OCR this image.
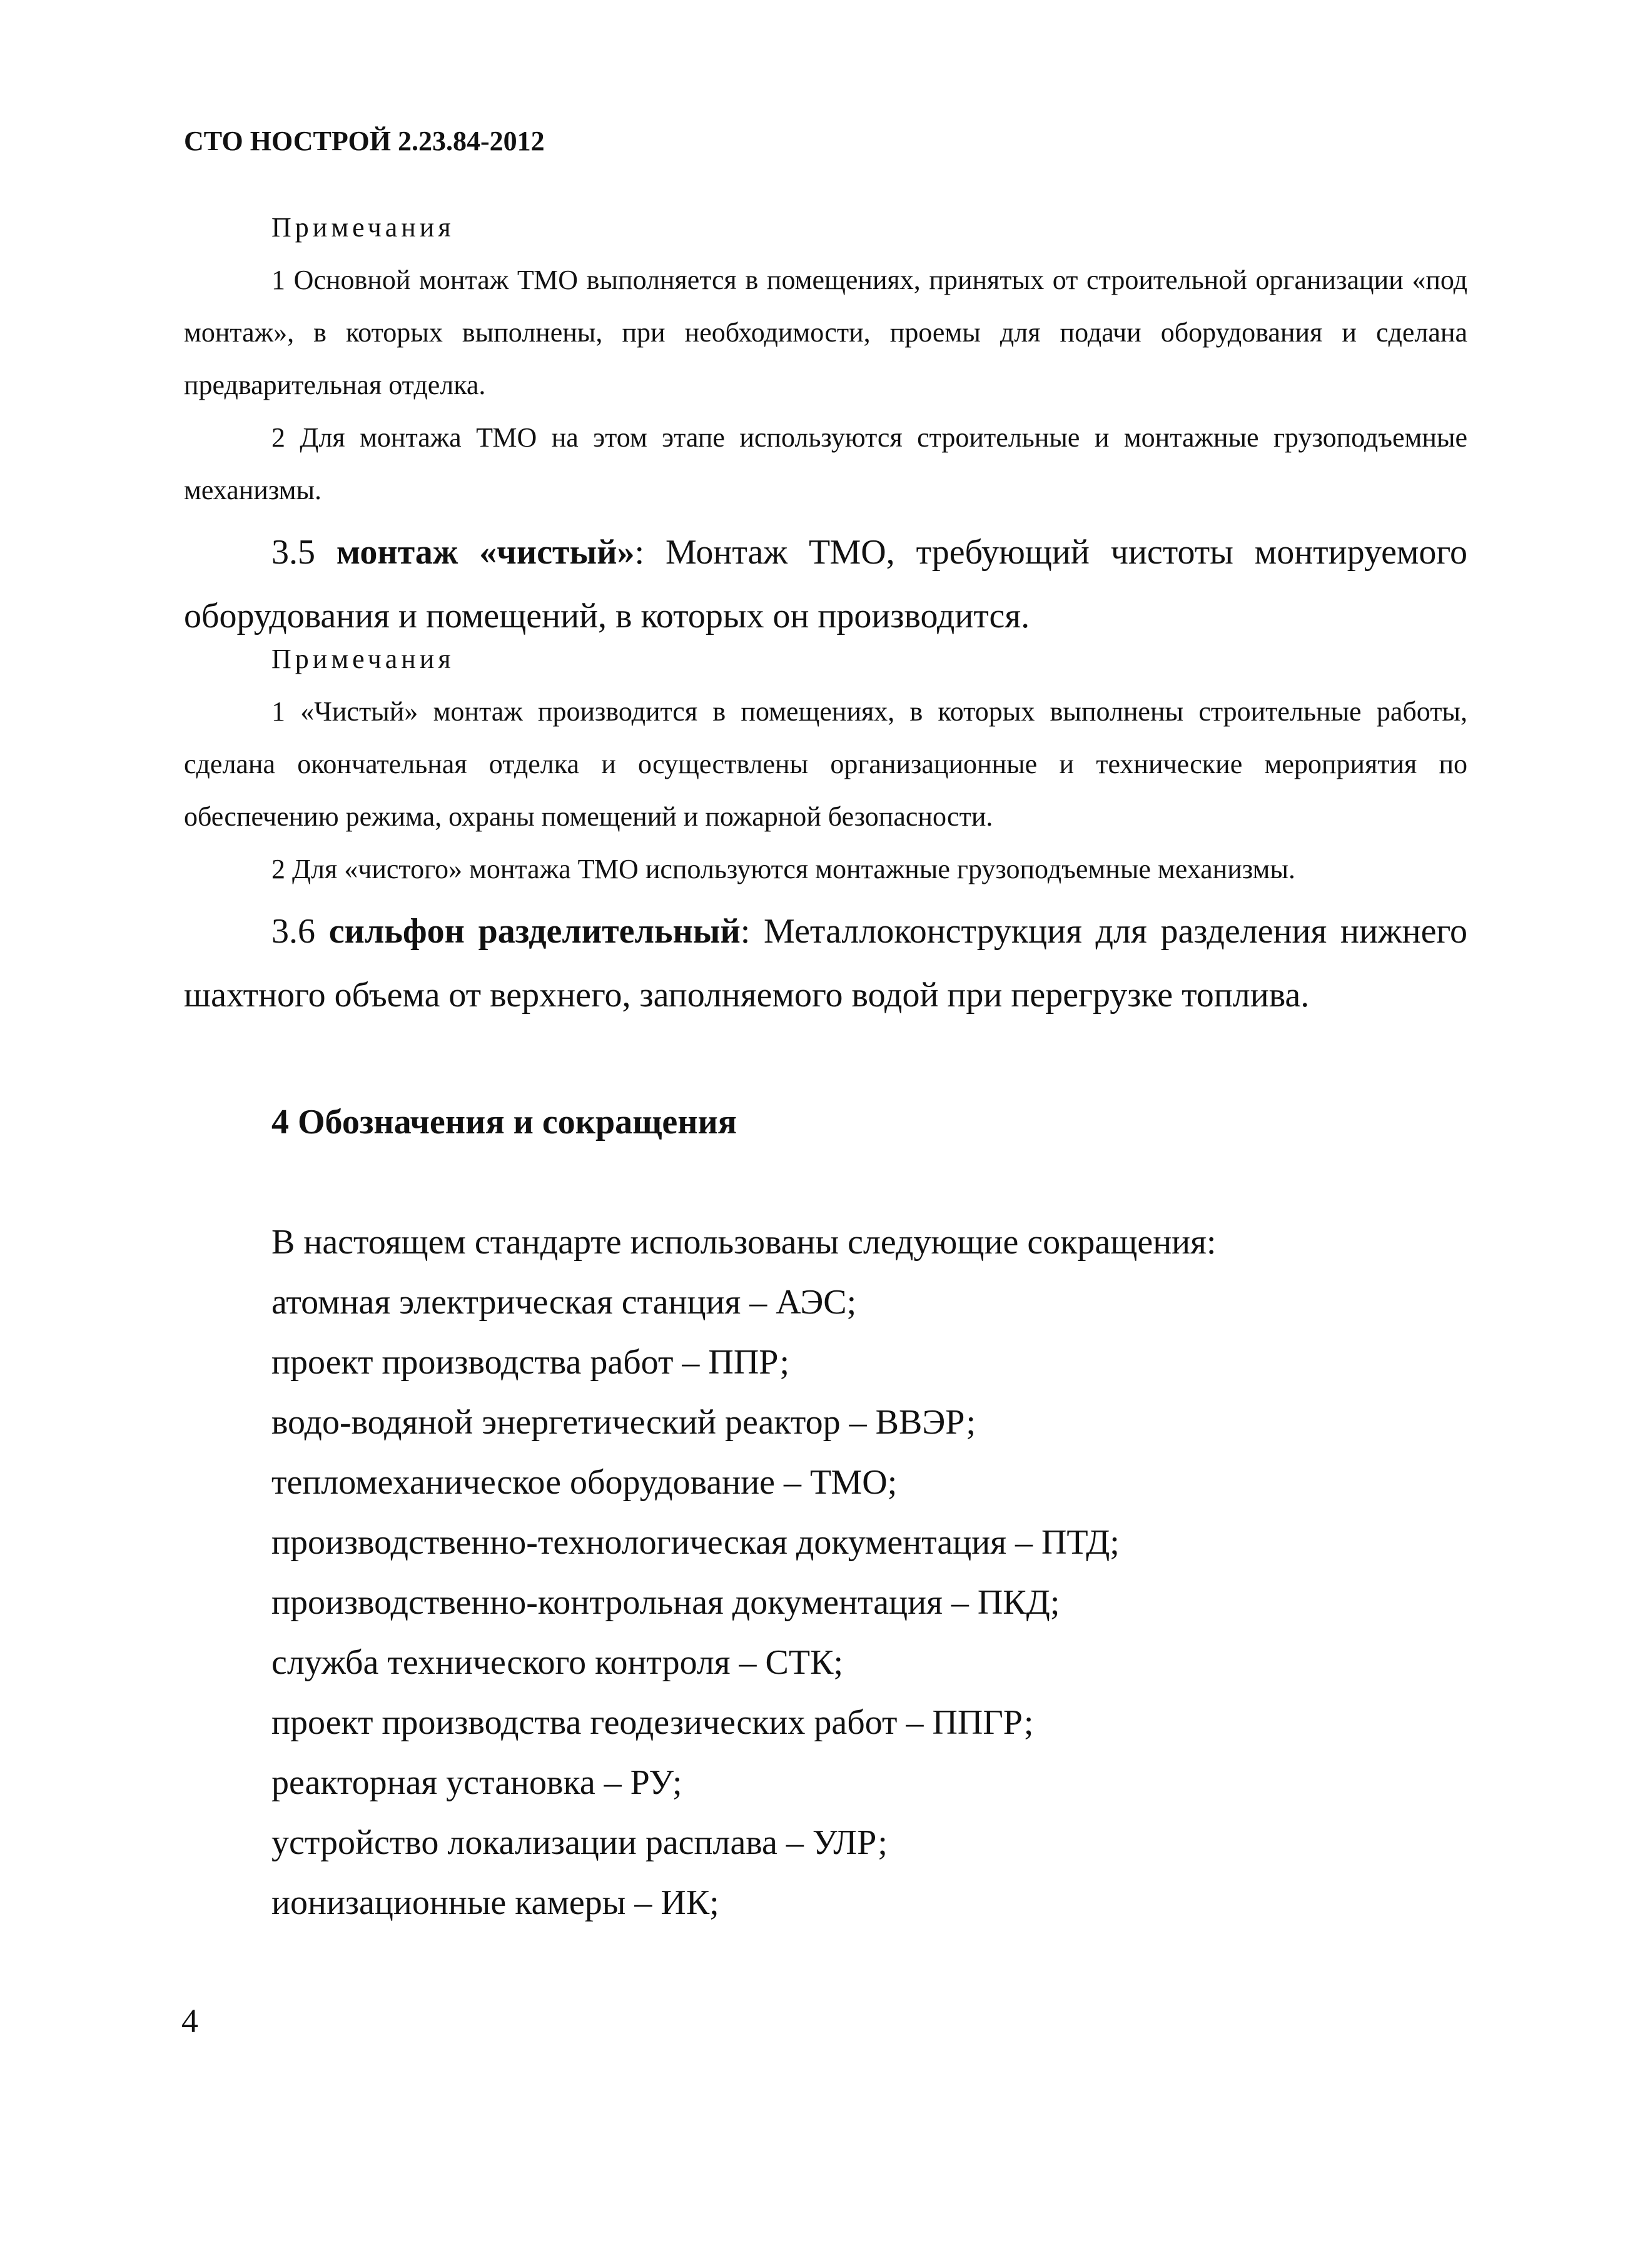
СТО НОСТРОЙ 2.23.84-2012

Примечания

1 Основной монтаж ТМО выполняется в помещениях, принятых от строительной организации «под монтаж», в которых выполнены, при необходимости, проемы для подачи оборудования и сделана предварительная отделка.

2 Для монтажа ТМО на этом этапе используются строительные и монтажные грузоподъемные механизмы.

3.5 монтаж «чистый»: Монтаж ТМО, требующий чистоты монтируемого оборудования и помещений, в которых он производится.

Примечания

1 «Чистый» монтаж производится в помещениях, в которых выполнены строительные работы, сделана окончательная отделка и осуществлены организационные и технические мероприятия по обеспечению режима, охраны помещений и пожарной безопасности.

2 Для «чистого» монтажа ТМО используются монтажные грузоподъемные механизмы.

3.6 сильфон разделительный: Металлоконструкция для разделения нижнего шахтного объема от верхнего, заполняемого водой при перегрузке топлива.

4 Обозначения и сокращения
В настоящем стандарте использованы следующие сокращения:
атомная электрическая станция – АЭС;
проект производства работ – ППР;
водо-водяной энергетический реактор – ВВЭР;
тепломеханическое оборудование – ТМО;
производственно-технологическая документация – ПТД;
производственно-контрольная документация – ПКД;
служба технического контроля – СТК;
проект производства геодезических работ – ППГР;
реакторная установка – РУ;
устройство локализации расплава – УЛР;
ионизационные камеры – ИК;
4
